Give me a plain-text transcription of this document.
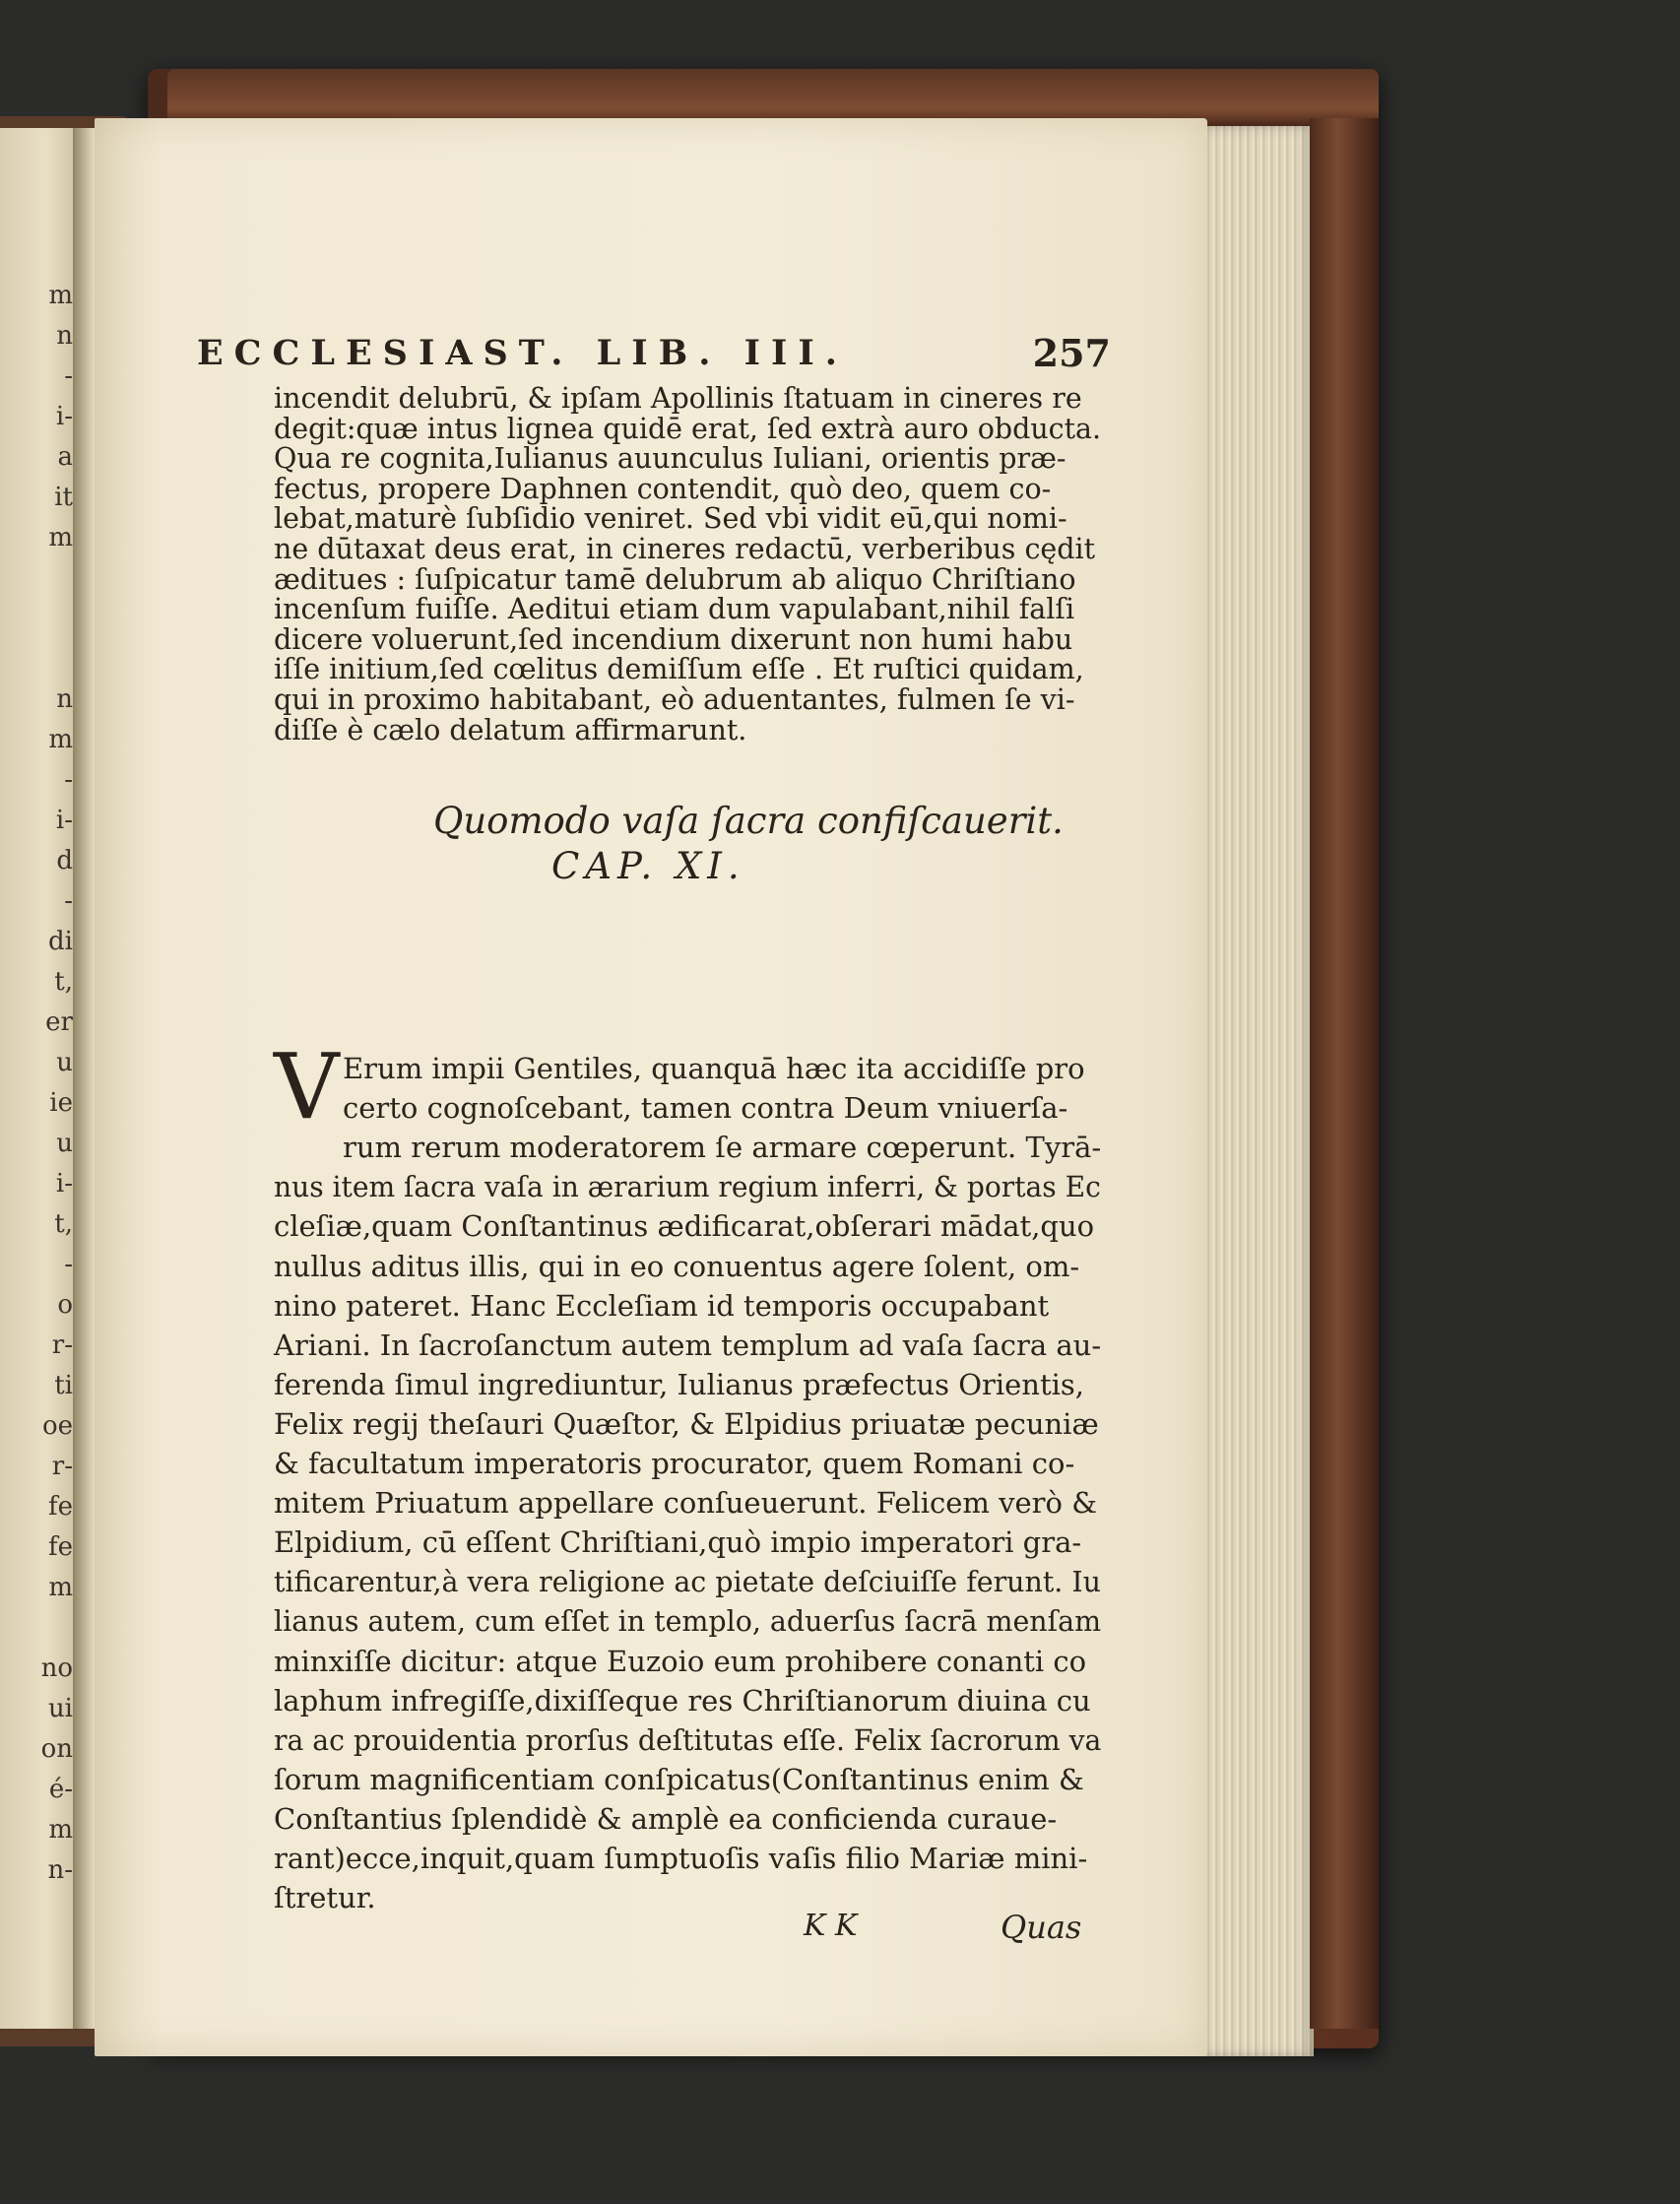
m
n
-
i-
a
it
m

n
m
-
i-
d
-
di
t,
er
u
ie
u
i-
t,
-
o
r-
ti
oe
r-
fe
fe
m

no
ui
on
é-
m
n-
ECCLESIAST. LIB. III.	257
incendit delubrū, & ipſam Apollinis ſtatuam in cineres re
degit:quæ intus lignea quidē erat, ſed extrà auro obducta.
Qua re cognita,Iulianus auunculus Iuliani, orientis præ-
fectus, propere Daphnen contendit, quò deo, quem co-
lebat,maturè ſubſidio veniret. Sed vbi vidit eū,qui nomi-
ne dūtaxat deus erat, in cineres redactū, verberibus cędit
æditues : ſuſpicatur tamē delubrum ab aliquo Chriſtiano
incenſum fuiſſe. Aeditui etiam dum vapulabant,nihil falſi
dicere voluerunt,ſed incendium dixerunt non humi habu
iſſe initium,ſed cœlitus demiſſum eſſe . Et ruſtici quidam,
qui in proximo habitabant, eò aduentantes, fulmen ſe vi-
diſſe è cælo delatum affirmarunt.
Quomodo vaſa ſacra confiſcauerit.
CAP. XI.
V Erum impii Gentiles, quanquā hæc ita accidiſſe pro
certo cognoſcebant, tamen contra Deum vniuerſa-
rum rerum moderatorem ſe armare cœperunt. Tyrā-
nus item ſacra vaſa in ærarium regium inferri, & portas Ec
cleſiæ,quam Conſtantinus ædificarat,obſerari mādat,quo
nullus aditus illis, qui in eo conuentus agere ſolent, om-
nino pateret. Hanc Eccleſiam id temporis occupabant
Ariani. In ſacroſanctum autem templum ad vaſa ſacra au-
ferenda ſimul ingrediuntur, Iulianus præfectus Orientis,
Felix regij theſauri Quæſtor, & Elpidius priuatæ pecuniæ
& facultatum imperatoris procurator, quem Romani co-
mitem Priuatum appellare conſueuerunt. Felicem verò &
Elpidium, cū eſſent Chriſtiani,quò impio imperatori gra-
tificarentur,à vera religione ac pietate deſciuiſſe ferunt. Iu
lianus autem, cum eſſet in templo, aduerſus ſacrā menſam
minxiſſe dicitur: atque Euzoio eum prohibere conanti co
laphum infregiſſe,dixiſſeque res Chriſtianorum diuina cu
ra ac prouidentia prorſus deſtitutas eſſe. Felix ſacrorum va
ſorum magnificentiam conſpicatus(Conſtantinus enim &
Conſtantius ſplendidè & amplè ea conficienda curaue-
rant)ecce,inquit,quam ſumptuoſis vaſis filio Mariæ mini-
ſtretur.
K K	Quas
